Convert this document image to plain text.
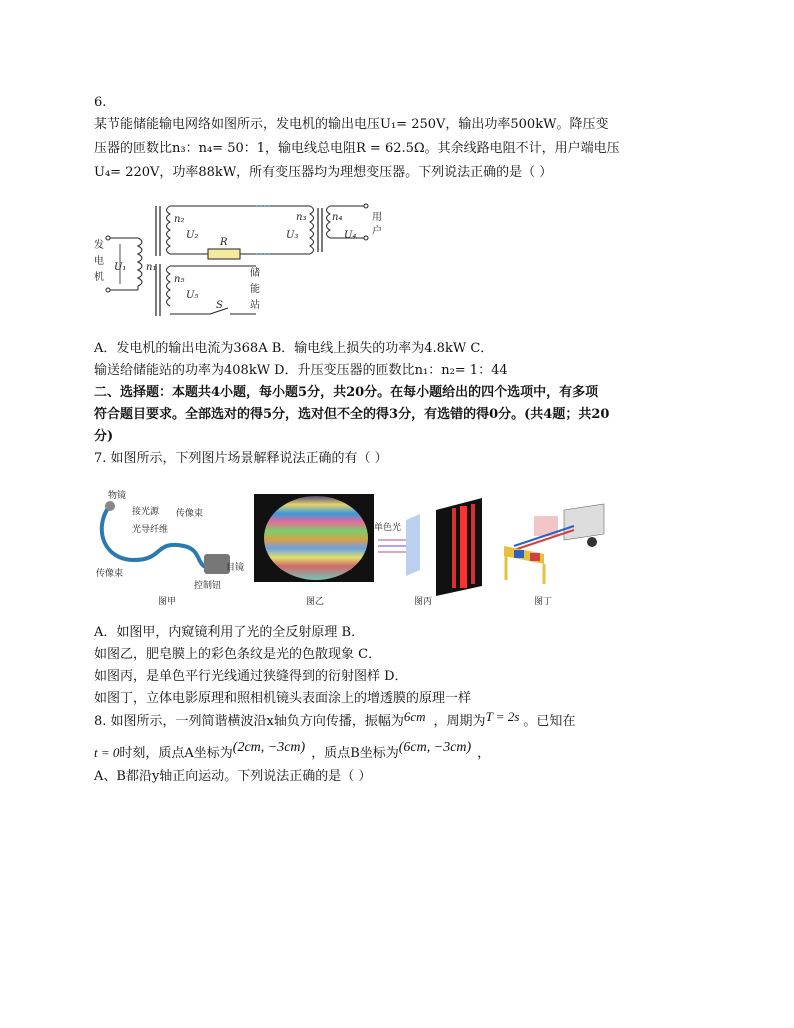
6.
某节能储能输电网络如图所示，发电机的输出电压U₁= 250V，输出功率500kW。降压变
压器的匝数比n₃：n₄= 50：1，输电线总电阻R = 62.5Ω。其余线路电阻不计，用户端电压
U₄= 220V，功率88kW，所有变压器均为理想变压器。下列说法正确的是（ ）
发
电
机
U₁ n₁
n₂
U₂
R
U₃
n₃	n₄
U₄
用
户
n₅
U₅
S
储
能
站
A．发电机的输出电流为368A B．输电线上损失的功率为4.8kW C．
输送给储能站的功率为408kW D．升压变压器的匝数比n₁：n₂= 1：44
二、选择题：本题共4小题，每小题5分，共20分。在每小题给出的四个选项中，有多项
符合题目要求。全部选对的得5分，选对但不全的得3分，有选错的得0分。(共4题；共20
分)
7. 如图所示，下列图片场景解释说法正确的有（ ）
物镜
接光源 传像束
光导纤维
传像束
目镜
控制钮
图甲	图乙
单色光
图丙	图丁
A．如图甲，内窥镜利用了光的全反射原理 B．
如图乙，肥皂膜上的彩色条纹是光的色散现象 C．
如图丙，是单色平行光线通过狭缝得到的衍射图样 D．
如图丁，立体电影原理和照相机镜头表面涂上的增透膜的原理一样
8. 如图所示，一列简谐横波沿x轴负方向传播，振幅为6cm ，周期为T = 2s 。已知在
t = 0时刻，质点A坐标为(2cm, −3cm) ，质点B坐标为(6cm, −3cm) ，
A、B都沿y轴正向运动。下列说法正确的是（ ）
